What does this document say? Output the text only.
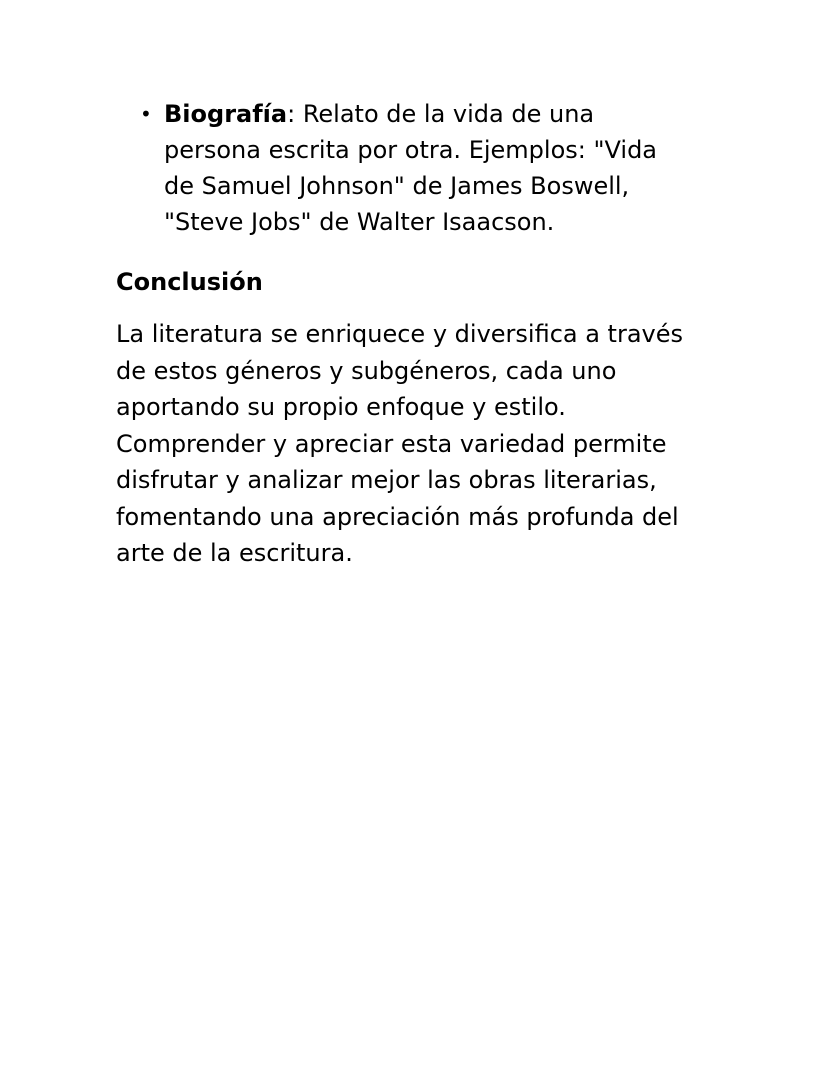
• Biografía: Relato de la vida de una persona escrita por otra. Ejemplos: "Vida de Samuel Johnson" de James Boswell, "Steve Jobs" de Walter Isaacson.
Conclusión

La literatura se enriquece y diversifica a través de estos géneros y subgéneros, cada uno aportando su propio enfoque y estilo. Comprender y apreciar esta variedad permite disfrutar y analizar mejor las obras literarias, fomentando una apreciación más profunda del arte de la escritura.
